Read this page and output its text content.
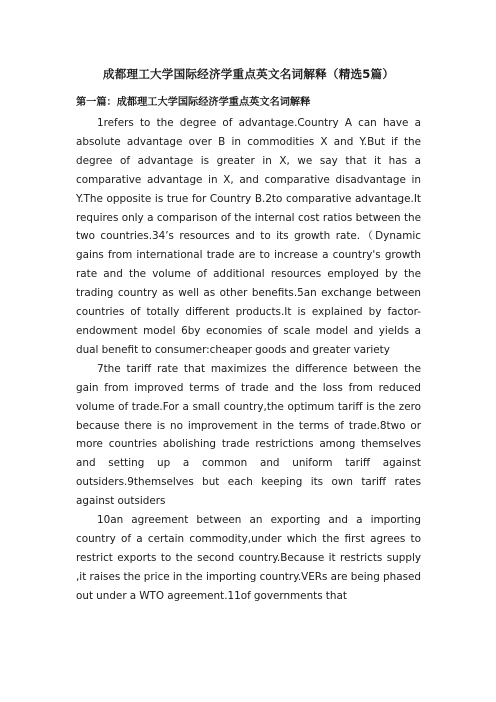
成都理工大学国际经济学重点英文名词解释（精选5篇）
第一篇：成都理工大学国际经济学重点英文名词解释

1refers to the degree of advantage.Country A can have a absolute advantage over B in commodities X and Y.But if the degree of advantage is greater in X, we say that it has a comparative advantage in X, and comparative disadvantage in Y.The opposite is true for Country B.2to comparative advantage.It requires only a comparison of the internal cost ratios between the two countries.34’s resources and to its growth rate.（Dynamic gains from international trade are to increase a country's growth rate and the volume of additional resources employed by the trading country as well as other benefits.5an exchange between countries of totally different products.It is explained by factor-endowment model 6by economies of scale model and yields a dual benefit to consumer:cheaper goods and greater variety

7the tariff rate that maximizes the difference between the gain from improved terms of trade and the loss from reduced volume of trade.For a small country,the optimum tariff is the zero because there is no improvement in the terms of trade.8two or more countries abolishing trade restrictions among themselves and setting up a common and uniform tariff against outsiders.9themselves but each keeping its own tariff rates against outsiders

10an agreement between an exporting and a importing country of a certain commodity,under which the first agrees to restrict exports to the second country.Because it restricts supply ,it raises the price in the importing country.VERs are being phased out under a WTO agreement.11of governments that
